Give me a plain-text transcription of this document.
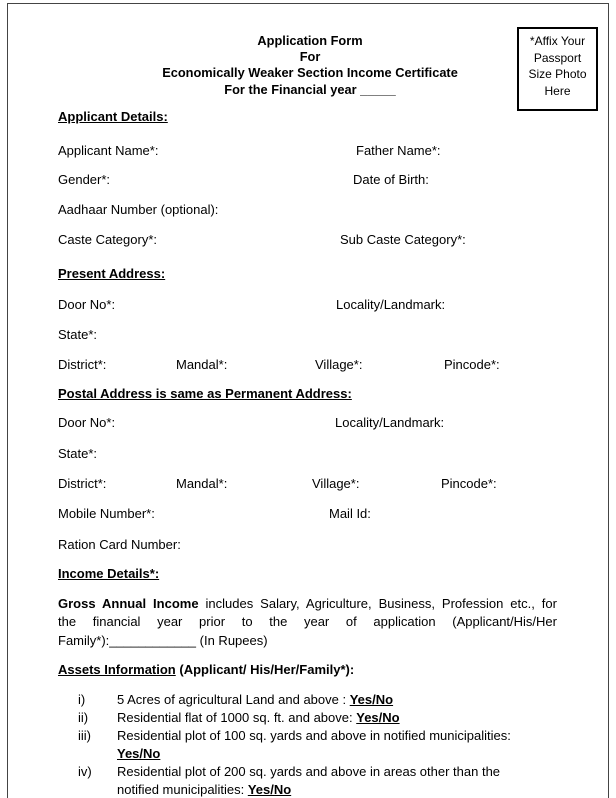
Application Form
For
Economically Weaker Section Income Certificate
For the Financial year _____
*Affix Your
Passport
Size Photo
Here
Applicant Details:
Applicant Name*:	Father Name*:
Gender*:	Date of Birth:
Aadhaar Number (optional):
Caste Category*:	Sub Caste Category*:
Present Address:
Door No*:	Locality/Landmark:
State*:
District*:	Mandal*:	Village*:	Pincode*:
Postal Address is same as Permanent Address:
Door No*:	Locality/Landmark:
State*:
District*:	Mandal*:	Village*:	Pincode*:
Mobile Number*:	Mail Id:
Ration Card Number:
Income Details*:
Gross Annual Income includes Salary, Agriculture, Business, Profession etc., for
the financial year prior to the year of application (Applicant/His/Her
Family*):____________ (In Rupees)
Assets Information (Applicant/ His/Her/Family*):
i) 5 Acres of agricultural Land and above : Yes/No
ii) Residential flat of 1000 sq. ft. and above: Yes/No
iii) Residential plot of 100 sq. yards and above in notified municipalities:
Yes/No
iv) Residential plot of 200 sq. yards and above in areas other than the
notified municipalities: Yes/No
